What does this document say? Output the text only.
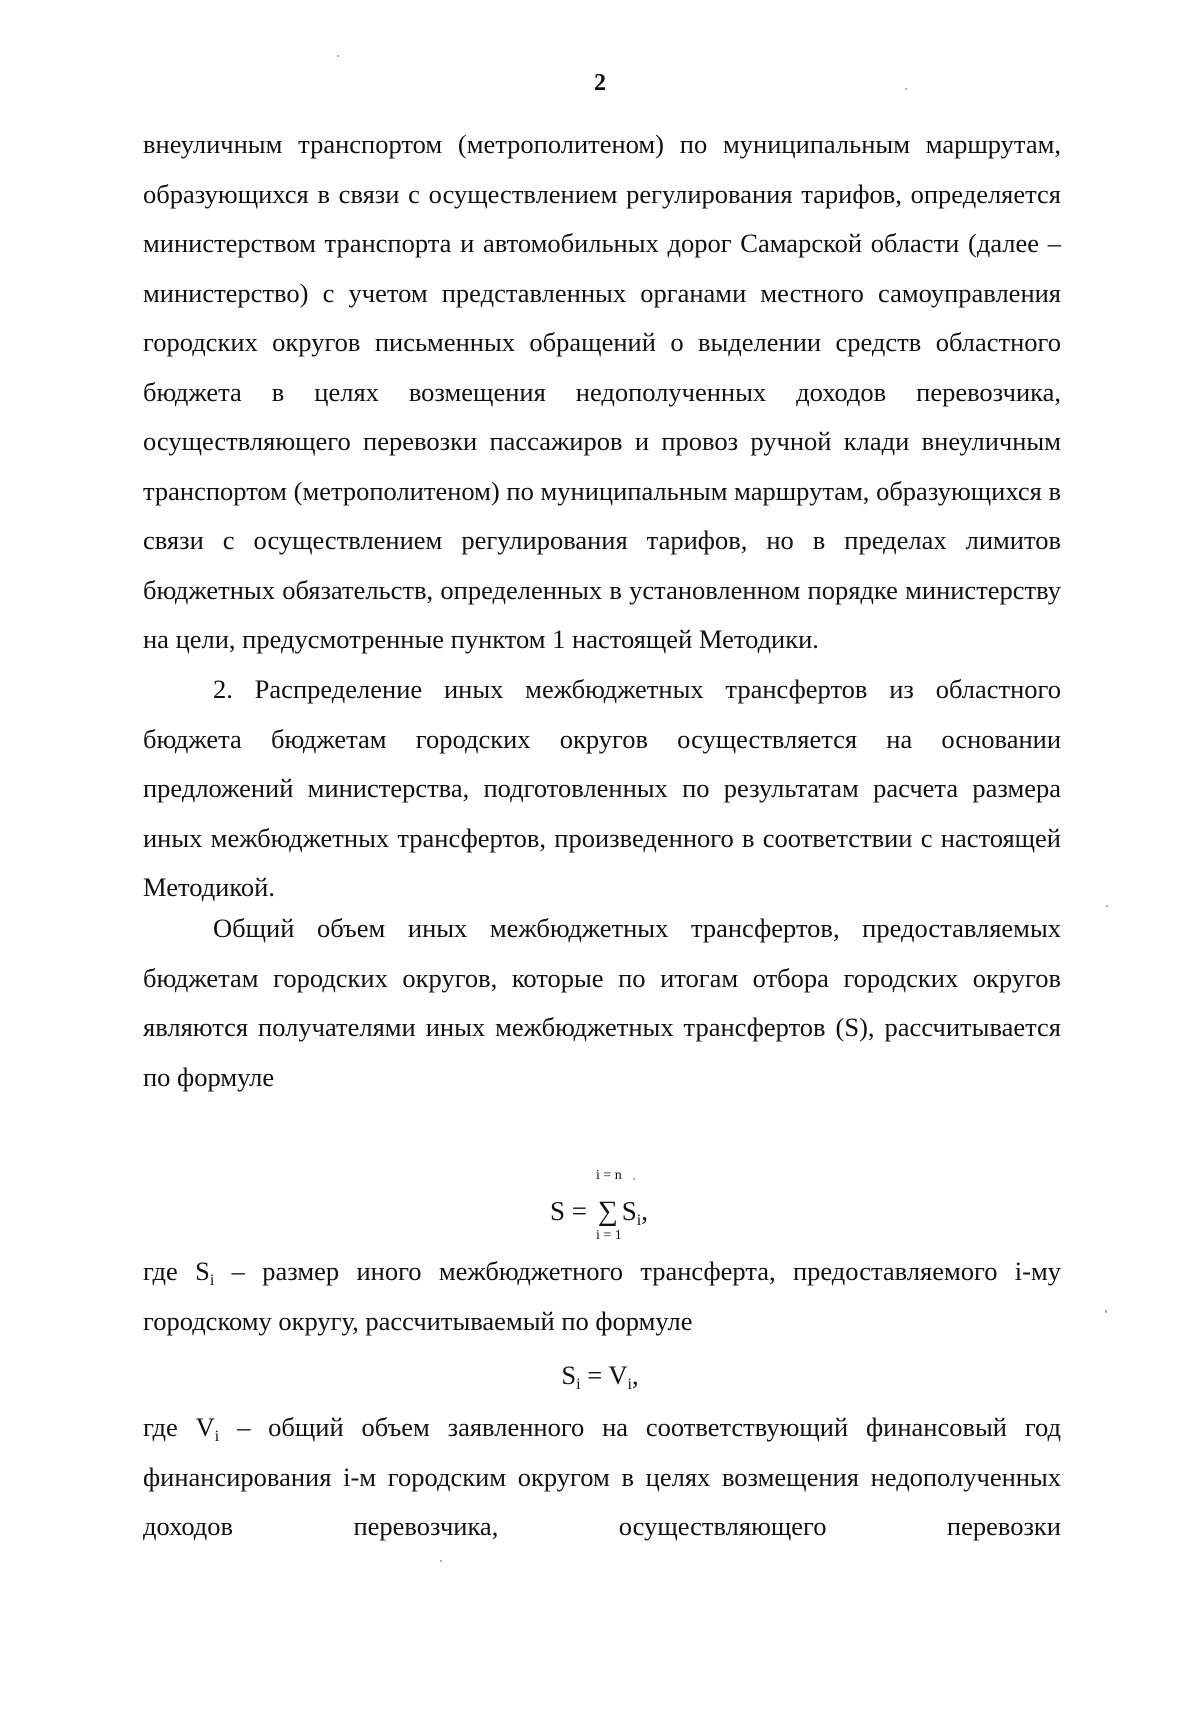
2

внеуличным транспортом (метрополитеном) по муниципальным маршрутам, образующихся в связи с осуществлением регулирования тарифов, определяется министерством транспорта и автомобильных дорог Самарской области (далее – министерство) с учетом представленных органами местного самоуправления городских округов письменных обращений о выделении средств областного бюджета в целях возмещения недополученных доходов перевозчика, осуществляющего перевозки пассажиров и провоз ручной клади внеуличным транспортом (метрополитеном) по муниципальным маршрутам, образующихся в связи с осуществлением регулирования тарифов, но в пределах лимитов бюджетных обязательств, определенных в установленном порядке министерству на цели, предусмотренные пунктом 1 настоящей Методики.

2. Распределение иных межбюджетных трансфертов из областного бюджета бюджетам городских округов осуществляется на основании предложений министерства, подготовленных по результатам расчета размера иных межбюджетных трансфертов, произведенного в соответствии с настоящей Методикой.

Общий объем иных межбюджетных трансфертов, предоставляемых бюджетам городских округов, которые по итогам отбора городских округов являются получателями иных межбюджетных трансфертов (S), рассчитывается по формуле

i = n
S = ∑ $S_i$,
i = 1

где $S_i$ – размер иного межбюджетного трансферта, предоставляемого i-му городскому округу, рассчитываемый по формуле

$S_i = V_i$,

где $V_i$ – общий объем заявленного на соответствующий финансовый год финансирования i-м городским округом в целях возмещения недополученных доходов перевозчика, осуществляющего перевозки
